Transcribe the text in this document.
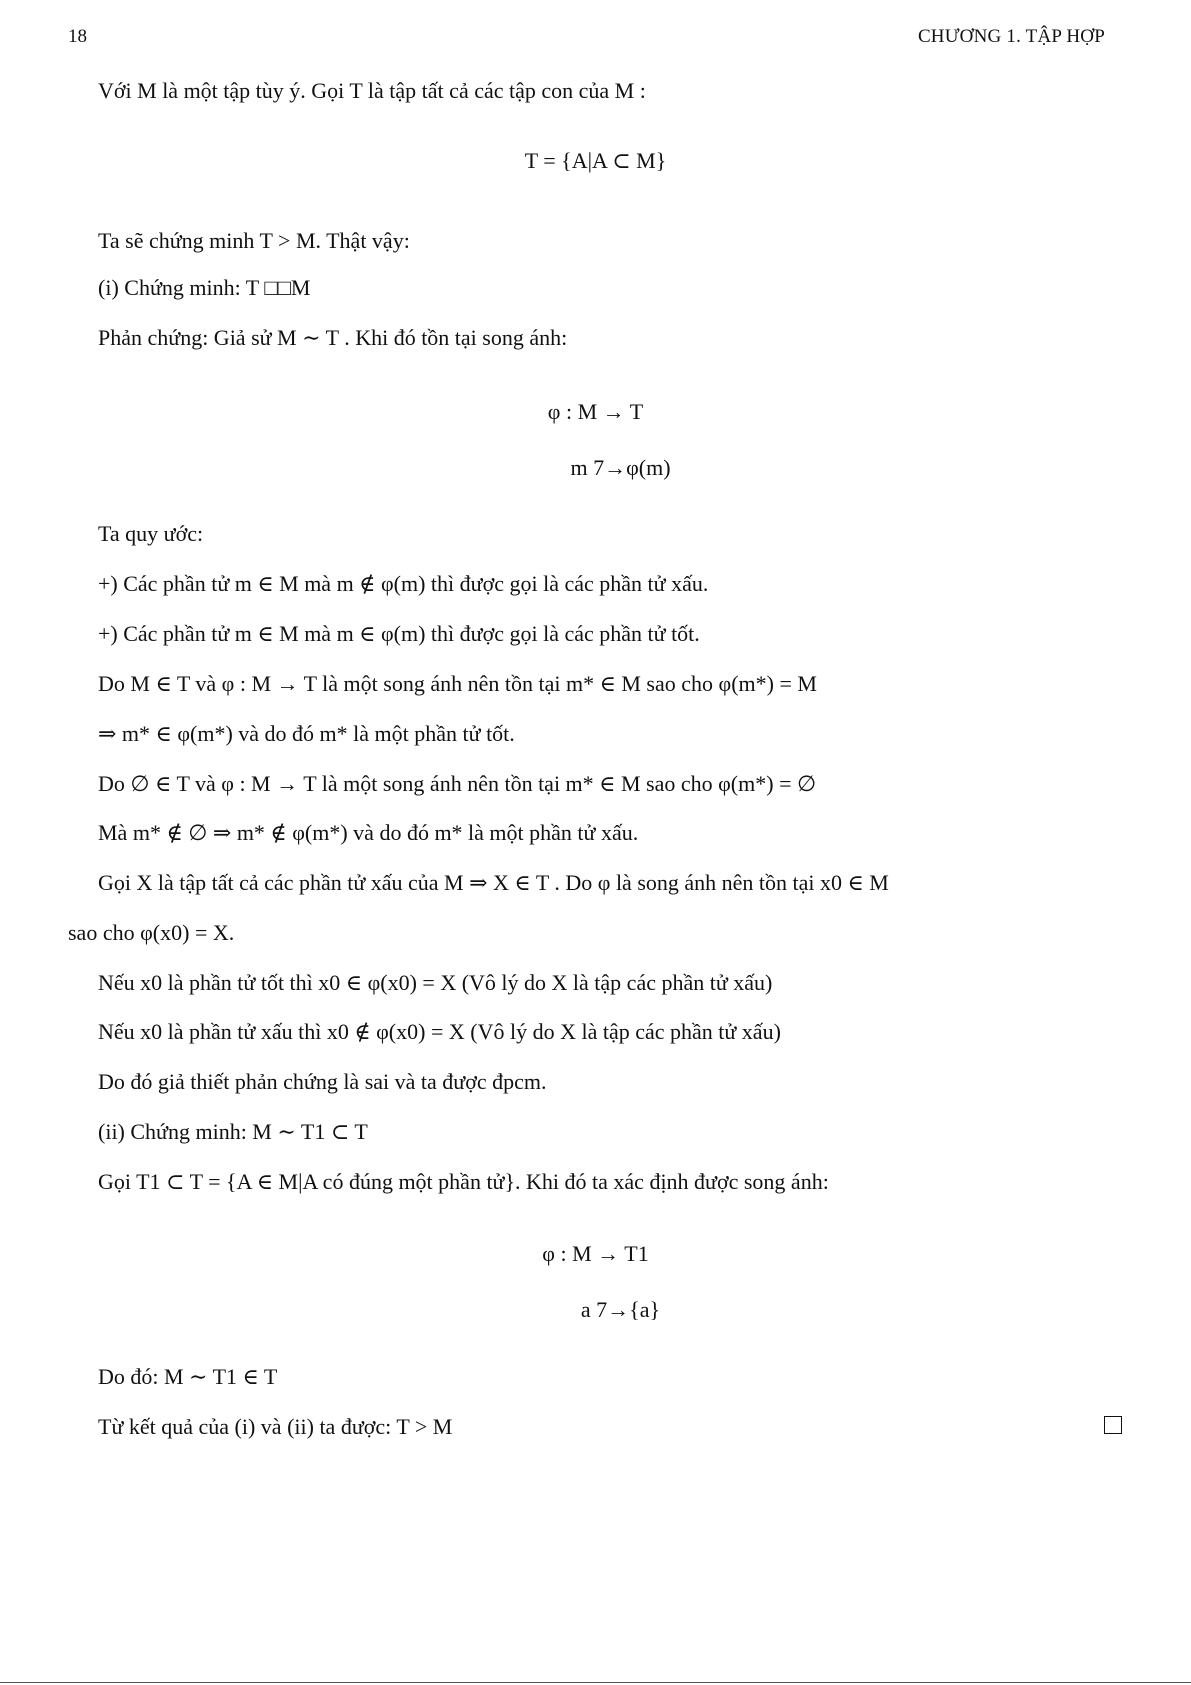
18	CHƯƠNG 1. TẬP HỢP
Với M là một tập tùy ý. Gọi T là tập tất cả các tập con của M :
T = {A|A ⊂ M}
Ta sẽ chứng minh T > M. Thật vậy:
(i) Chứng minh: T □□M
Phản chứng: Giả sử M ∼ T . Khi đó tồn tại song ánh:
φ : M → T
m 7→φ(m)
Ta quy ước:
+) Các phần tử m ∈ M mà m ∉ φ(m) thì được gọi là các phần tử xấu.
+) Các phần tử m ∈ M mà m ∈ φ(m) thì được gọi là các phần tử tốt.
Do M ∈ T và φ : M → T là một song ánh nên tồn tại m* ∈ M sao cho φ(m*) = M
⇒ m* ∈ φ(m*) và do đó m* là một phần tử tốt.
Do ∅ ∈ T và φ : M → T là một song ánh nên tồn tại m* ∈ M sao cho φ(m*) = ∅
Mà m* ∉ ∅ ⇒ m* ∉ φ(m*) và do đó m* là một phần tử xấu.
Gọi X là tập tất cả các phần tử xấu của M ⇒ X ∈ T . Do φ là song ánh nên tồn tại x0 ∈ M
sao cho φ(x0) = X.
Nếu x0 là phần tử tốt thì x0 ∈ φ(x0) = X (Vô lý do X là tập các phần tử xấu)
Nếu x0 là phần tử xấu thì x0 ∉ φ(x0) = X (Vô lý do X là tập các phần tử xấu)
Do đó giả thiết phản chứng là sai và ta được đpcm.
(ii) Chứng minh: M ∼ T1 ⊂ T
Gọi T1 ⊂ T = {A ∈ M|A có đúng một phần tử}. Khi đó ta xác định được song ánh:
φ : M → T1
a 7→{a}
Do đó: M ∼ T1 ∈ T
Từ kết quả của (i) và (ii) ta được: T > M
